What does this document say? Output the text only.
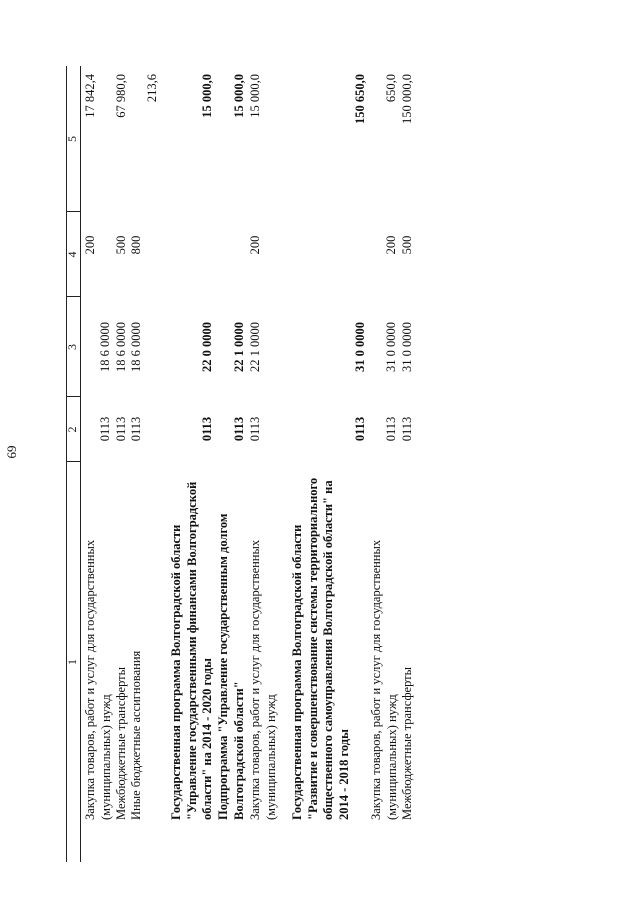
69
1
2
3
4
5
Закупка товаров, работ и услуг для государственных (муниципальных) нужд
0113
18 6 0000
200
17 842,4
Межбюджетные трансферты
0113
18 6 0000
500
67 980,0
Иные бюджетные ассигнования
0113
18 6 0000
800
213,6
Государственная программа Волгоградской области "Управление государственными финансами Волгоградской области" на 2014 - 2020 годы
0113
22 0 0000
15 000,0
Подпрограмма "Управление государственным долгом Волгоградской области"
0113
22 1 0000
15 000,0
Закупка товаров, работ и услуг для государственных (муниципальных) нужд
0113
22 1 0000
200
15 000,0
Государственная программа Волгоградской области "Развитие и совершенствование системы территориального общественного самоуправления Волгоградской области" на 2014 - 2018 годы
0113
31 0 0000
150 650,0
Закупка товаров, работ и услуг для государственных (муниципальных) нужд
0113
31 0 0000
200
650,0
Межбюджетные трансферты
0113
31 0 0000
500
150 000,0
